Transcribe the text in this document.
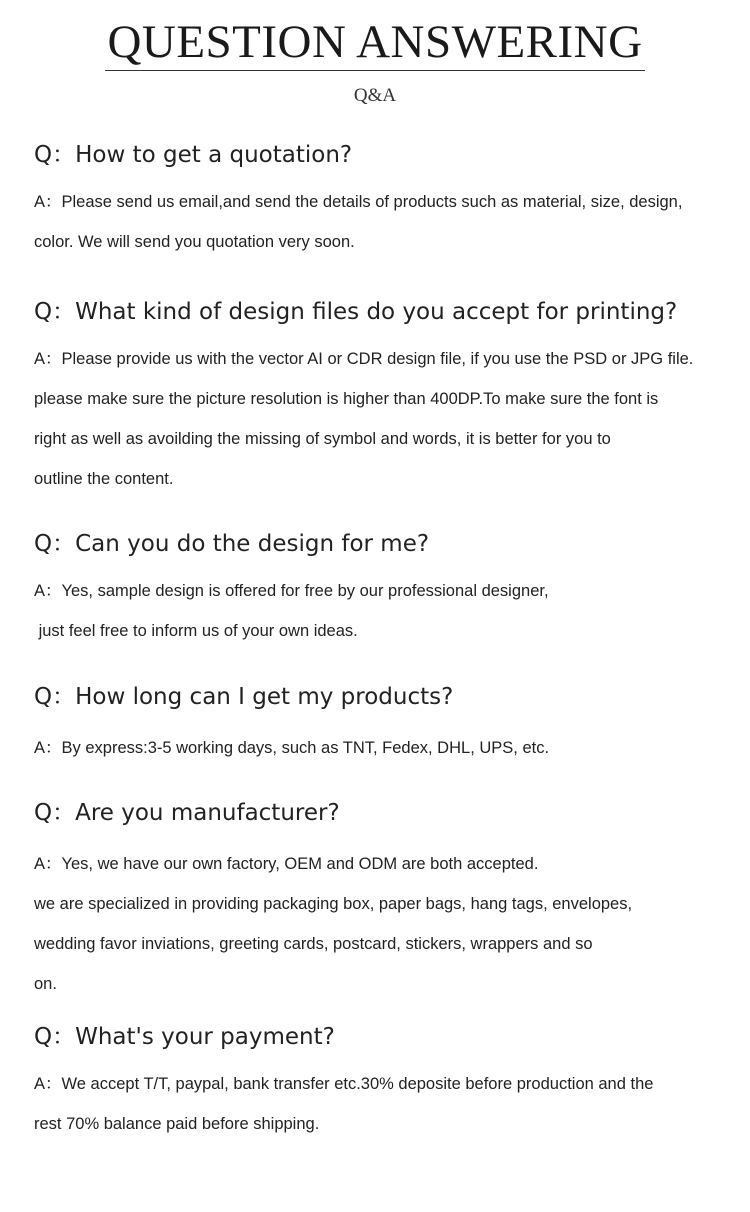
QUESTION ANSWERING
Q&A

Q：How to get a quotation?

A：Please send us email,and send the details of products such as material, size, design,
color. We will send you quotation very soon.

Q：What kind of design files do you accept for printing?

A：Please provide us with the vector AI or CDR design file, if you use the PSD or JPG file.
please make sure the picture resolution is higher than 400DP.To make sure the font is
right as well as avoilding the missing of symbol and words, it is better for you to
outline the content.

Q：Can you do the design for me?

A：Yes, sample design is offered for free by our professional designer,
just feel free to inform us of your own ideas.

Q：How long can I get my products?

A：By express:3-5 working days, such as TNT, Fedex, DHL, UPS, etc.

Q：Are you manufacturer?

A：Yes, we have our own factory, OEM and ODM are both accepted.
we are specialized in providing packaging box, paper bags, hang tags, envelopes,
wedding favor inviations, greeting cards, postcard, stickers, wrappers and so
on.

Q：What's your payment?

A：We accept T/T, paypal, bank transfer etc.30% deposite before production and the
rest 70% balance paid before shipping.
